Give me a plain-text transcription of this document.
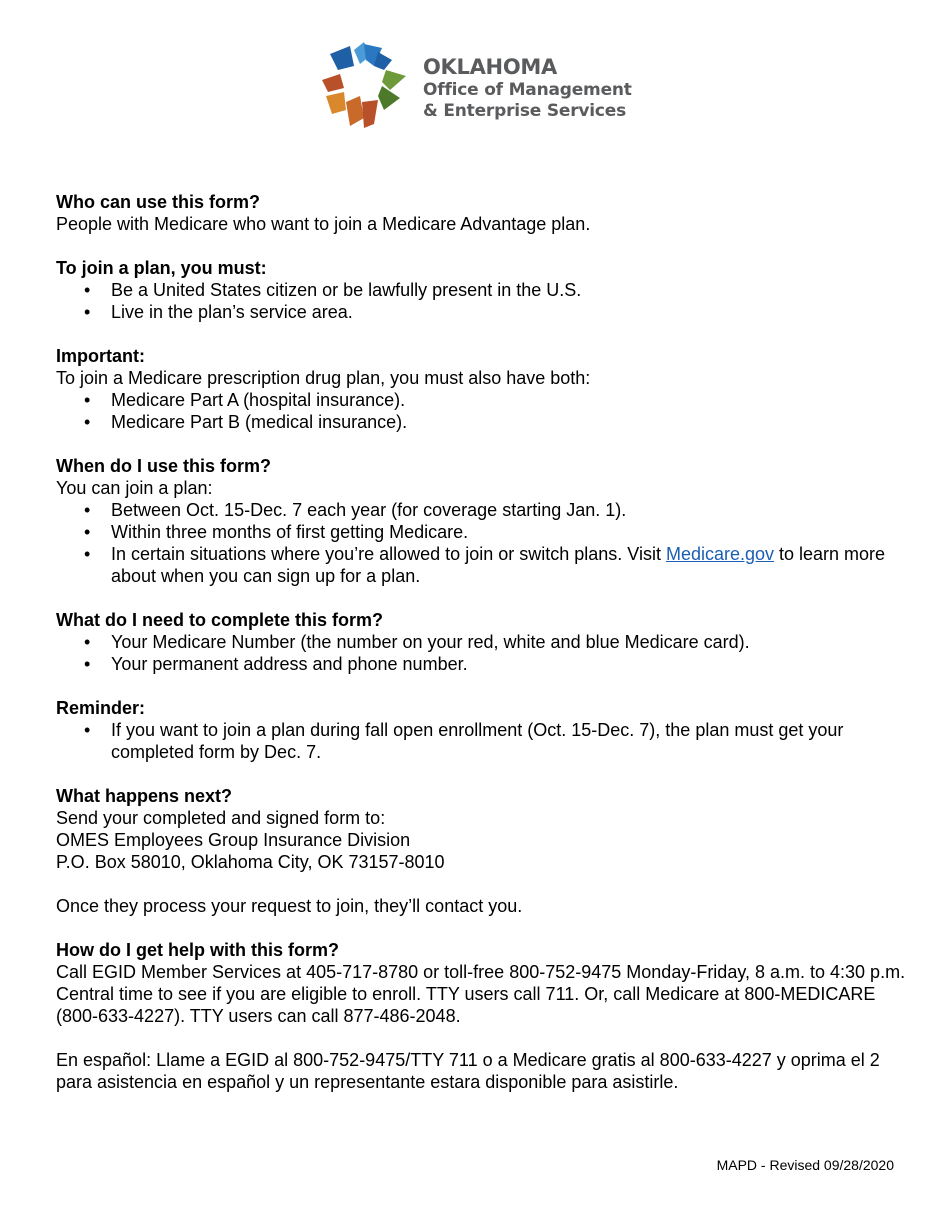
OKLAHOMA
Office of Management
& Enterprise Services

Who can use this form?

People with Medicare who want to join a Medicare Advantage plan.

To join a plan, you must:

• Be a United States citizen or be lawfully present in the U.S.
• Live in the plan’s service area.

Important:

To join a Medicare prescription drug plan, you must also have both:

• Medicare Part A (hospital insurance).
• Medicare Part B (medical insurance).

When do I use this form?

You can join a plan:

• Between Oct. 15-Dec. 7 each year (for coverage starting Jan. 1).
• Within three months of first getting Medicare.
• In certain situations where you’re allowed to join or switch plans. Visit Medicare.gov to learn more about when you can sign up for a plan.

What do I need to complete this form?

• Your Medicare Number (the number on your red, white and blue Medicare card).
• Your permanent address and phone number.

Reminder:

• If you want to join a plan during fall open enrollment (Oct. 15-Dec. 7), the plan must get your completed form by Dec. 7.

What happens next?

Send your completed and signed form to:

OMES Employees Group Insurance Division

P.O. Box 58010, Oklahoma City, OK 73157-8010

Once they process your request to join, they’ll contact you.

How do I get help with this form?

Call EGID Member Services at 405-717-8780 or toll-free 800-752-9475 Monday-Friday, 8 a.m. to 4:30 p.m. Central time to see if you are eligible to enroll. TTY users call 711. Or, call Medicare at 800-MEDICARE (800-633-4227). TTY users can call 877-486-2048.

En español: Llame a EGID al 800-752-9475/TTY 711 o a Medicare gratis al 800-633-4227 y oprima el 2 para asistencia en español y un representante estara disponible para asistirle.

MAPD - Revised 09/28/2020
